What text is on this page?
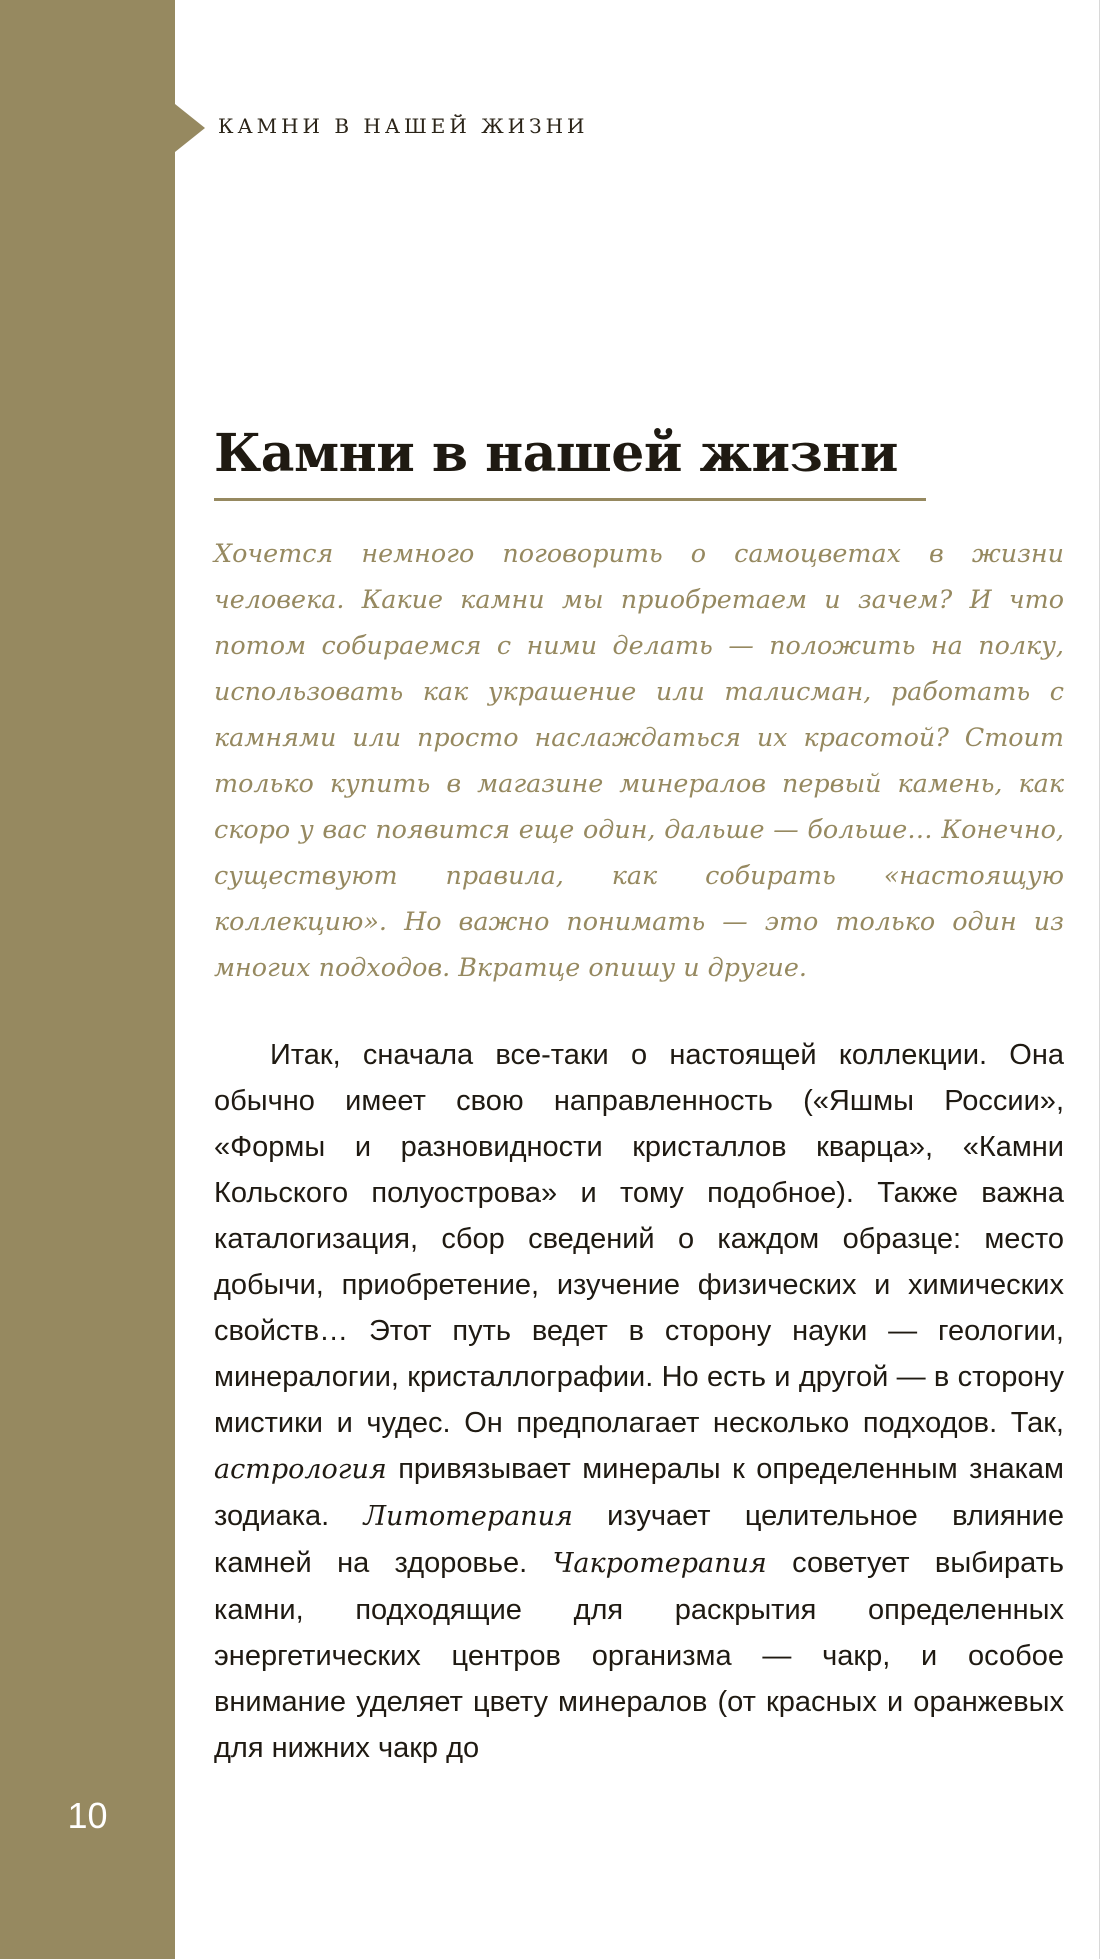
КАМНИ В НАШЕЙ ЖИЗНИ
Камни в нашей жизни

Хочется немного поговорить о самоцветах в жизни человека. Какие камни мы приобретаем и зачем? И что потом собираемся с ними делать — положить на полку, использовать как украшение или талисман, работать с камнями или просто наслаждаться их красотой? Стоит только купить в магазине минералов первый камень, как скоро у вас появится еще один, дальше — больше… Конечно, существуют правила, как собирать «настоящую коллекцию». Но важно понимать — это только один из многих подходов. Вкратце опишу и другие.

Итак, сначала все-таки о настоящей коллекции. Она обычно имеет свою направленность («Яшмы России», «Формы и разновидности кристаллов кварца», «Камни Кольского полуострова» и тому подобное). Также важна каталогизация, сбор сведений о каждом образце: место добычи, приобретение, изучение физических и химических свойств… Этот путь ведет в сторону науки — геологии, минералогии, кристаллографии. Но есть и другой — в сторону мистики и чудес. Он предполагает несколько подходов. Так, астрология привязывает минералы к определенным знакам зодиака. Литотерапия изучает целительное влияние камней на здоровье. Чакротерапия советует выбирать камни, подходящие для раскрытия определенных энергетических центров организма — чакр, и особое внимание уделяет цвету минералов (от красных и оранжевых для нижних чакр до

10
